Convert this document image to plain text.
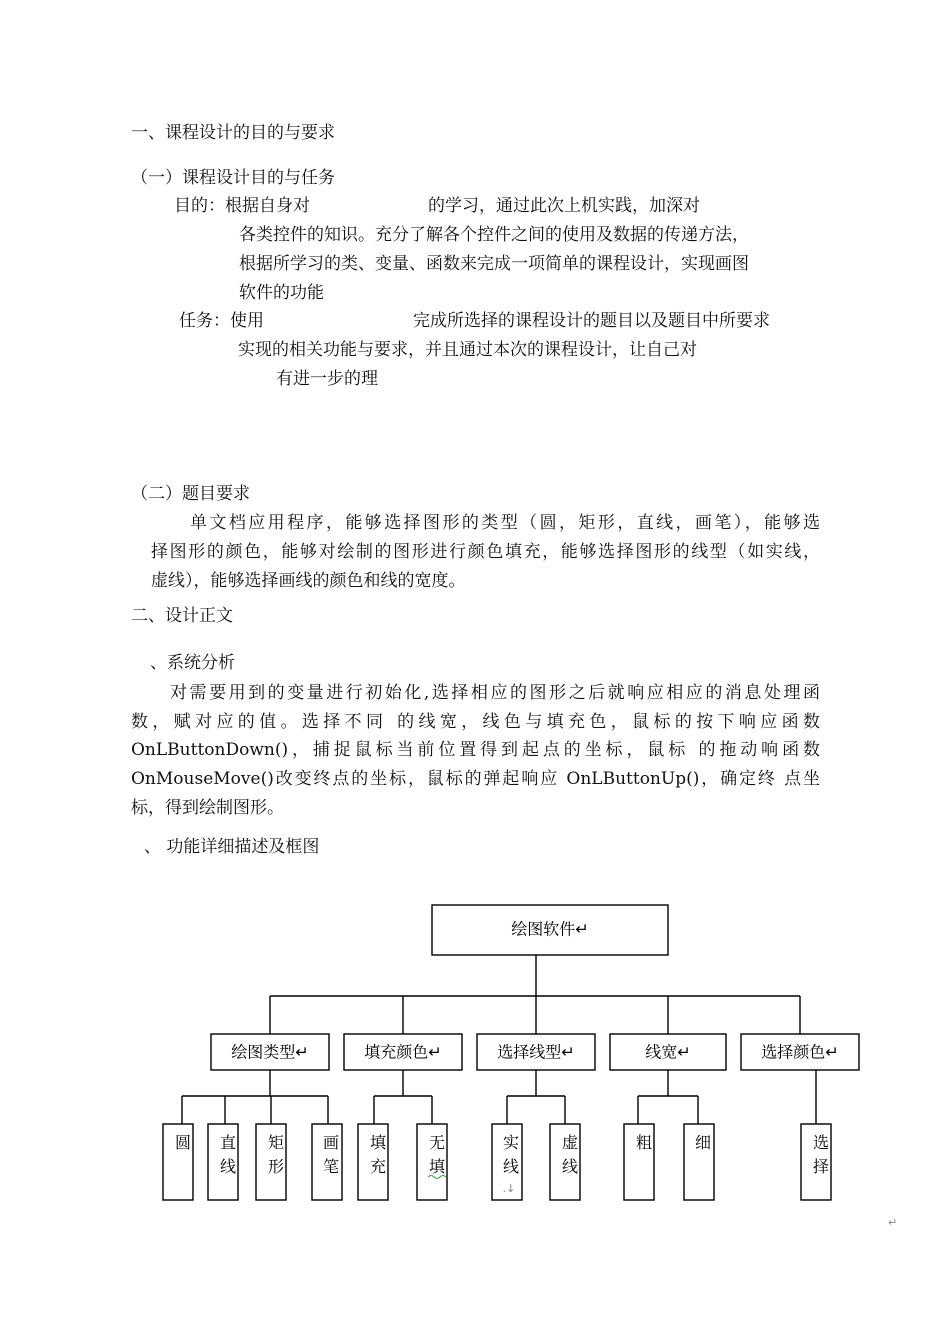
一、课程设计的目的与要求
（一）课程设计目的与任务
目的：根据自身对	的学习，通过此次上机实践，加深对
各类控件的知识。充分了解各个控件之间的使用及数据的传递方法，
根据所学习的类、变量、函数来完成一项简单的课程设计，实现画图
软件的功能
任务：使用	完成所选择的课程设计的题目以及题目中所要求
实现的相关功能与要求，并且通过本次的课程设计，让自己对
有进一步的理
（二）题目要求
单文档应用程序，能够选择图形的类型（圆，矩形，直线，画笔），能够选
择图形的颜色，能够对绘制的图形进行颜色填充，能够选择图形的线型（如实线，
虚线），能够选择画线的颜色和线的宽度。
二、设计正文
、系统分析
对需要用到的变量进行初始化,选择相应的图形之后就响应相应的消息处理函
数，赋对应的值。选择不同 的线宽，线色与填充色，鼠标的按下响应函数
OnLButtonDown()，捕捉鼠标当前位置得到起点的坐标，鼠标 的拖动响函数
OnMouseMove()改变终点的坐标，鼠标的弹起响应 OnLButtonUp()，确定终 点坐
标，得到绘制图形。
、 功能详细描述及框图
绘图软件↵
绘图类型↵	填充颜色↵	选择线型↵	线宽↵	选择颜色↵
圆 直
线
矩
形
画
笔
填
充
无
填
实
线
.↓
虚
线
粗	细	选
择
↵
